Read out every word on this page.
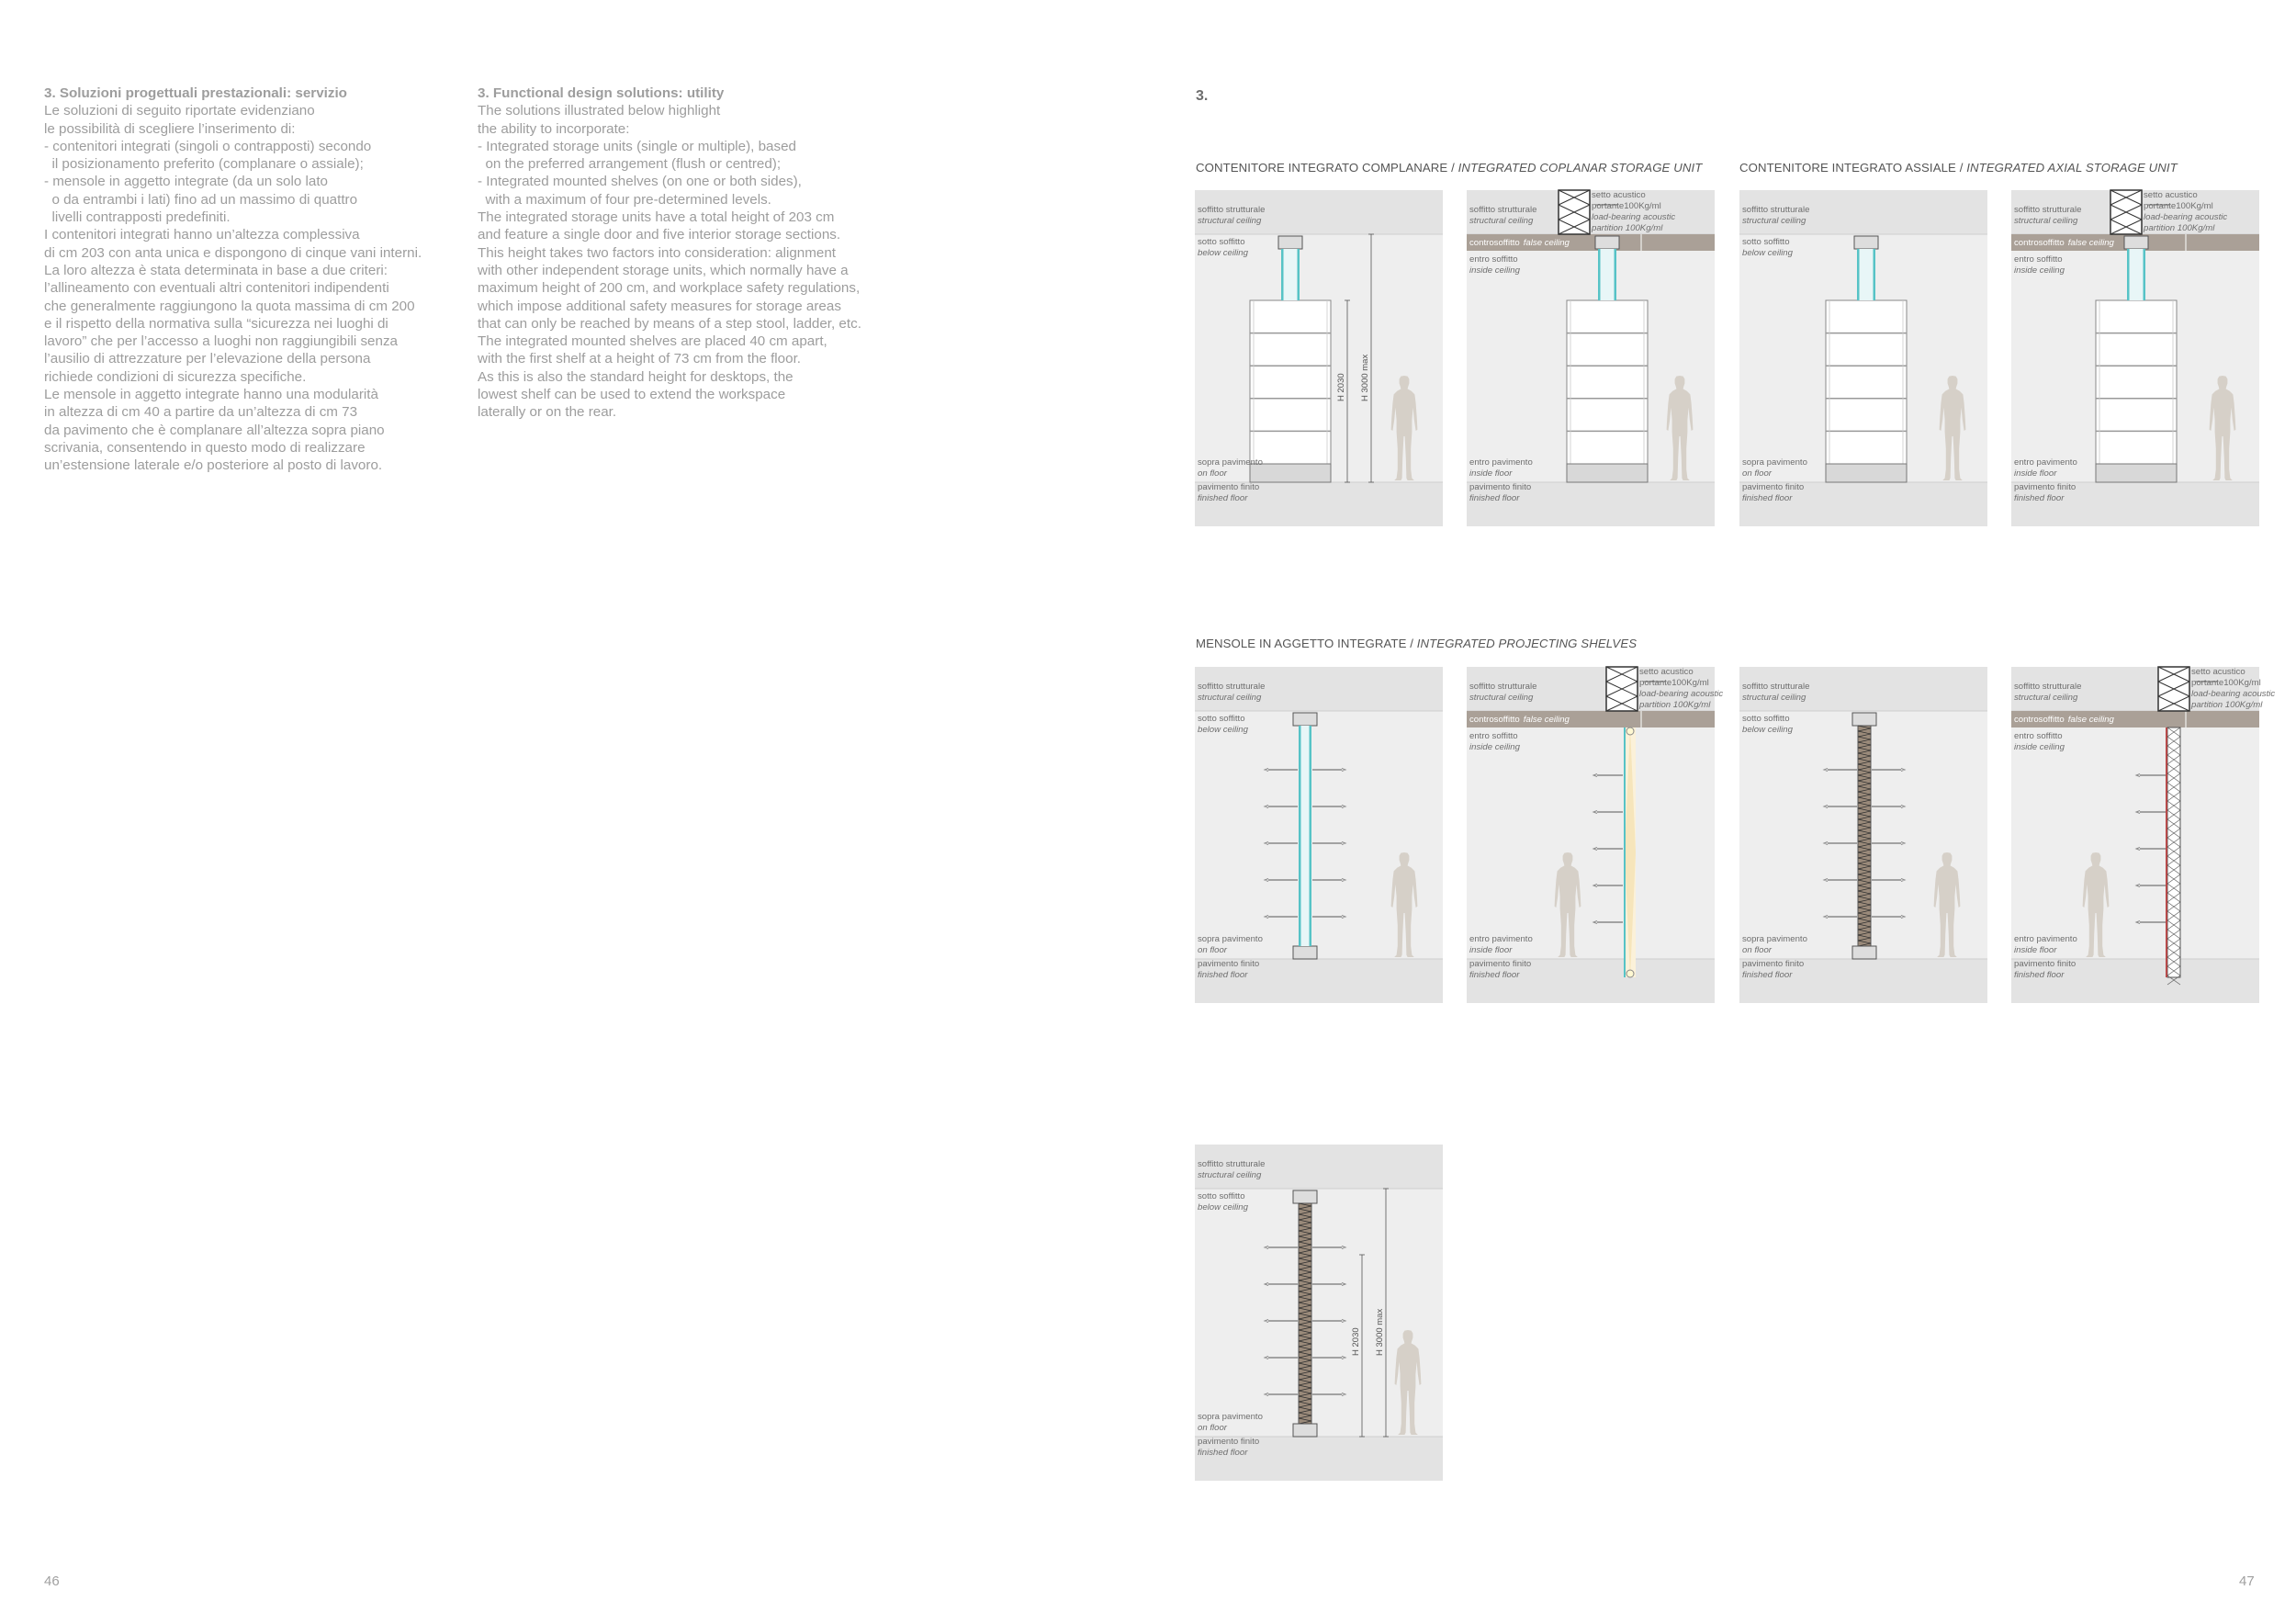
3. Soluzioni progettuali prestazionali: servizio
Le soluzioni di seguito riportate evidenziano
le possibilità di scegliere l’inserimento di:
- contenitori integrati (singoli o contrapposti) secondo
il posizionamento preferito (complanare o assiale);
- mensole in aggetto integrate (da un solo lato
o da entrambi i lati) fino ad un massimo di quattro
livelli contrapposti predefiniti.
I contenitori integrati hanno un’altezza complessiva
di cm 203 con anta unica e dispongono di cinque vani interni.
La loro altezza è stata determinata in base a due criteri:
l’allineamento con eventuali altri contenitori indipendenti
che generalmente raggiungono la quota massima di cm 200
e il rispetto della normativa sulla “sicurezza nei luoghi di
lavoro” che per l’accesso a luoghi non raggiungibili senza
l’ausilio di attrezzature per l’elevazione della persona
richiede condizioni di sicurezza specifiche.
Le mensole in aggetto integrate hanno una modularità
in altezza di cm 40 a partire da un’altezza di cm 73
da pavimento che è complanare all’altezza sopra piano
scrivania, consentendo in questo modo di realizzare
un’estensione laterale e/o posteriore al posto di lavoro.
3. Functional design solutions: utility
The solutions illustrated below highlight
the ability to incorporate:
- Integrated storage units (single or multiple), based
on the preferred arrangement (flush or centred);
- Integrated mounted shelves (on one or both sides),
with a maximum of four pre-determined levels.
The integrated storage units have a total height of 203 cm
and feature a single door and five interior storage sections.
This height takes two factors into consideration: alignment
with other independent storage units, which normally have a
maximum height of 200 cm, and workplace safety regulations,
which impose additional safety measures for storage areas
that can only be reached by means of a step stool, ladder, etc.
The integrated mounted shelves are placed 40 cm apart,
with the first shelf at a height of 73 cm from the floor.
As this is also the standard height for desktops, the
lowest shelf can be used to extend the workspace
laterally or on the rear.
46
3.
47
CONTENITORE INTEGRATO COMPLANARE / INTEGRATED COPLANAR STORAGE UNIT	CONTENITORE INTEGRATO ASSIALE / INTEGRATED AXIAL STORAGE UNIT
MENSOLE IN AGGETTO INTEGRATE / INTEGRATED PROJECTING SHELVES
H 2030 H 3000 max
soffitto strutturale
structural ceiling
sotto soffitto
below ceiling
sopra pavimento
on floor
pavimento finito
finished floor
soffitto strutturale
structural ceiling
controsoffitto false ceiling
entro soffitto
inside ceiling
entro pavimento
inside floor
pavimento finito
finished floor
setto acustico
portante100Kg/ml
load-bearing acoustic
partition 100Kg/ml
soffitto strutturale
structural ceiling
sotto soffitto
below ceiling
sopra pavimento
on floor
pavimento finito
finished floor
soffitto strutturale
structural ceiling
controsoffitto false ceiling
entro soffitto
inside ceiling
entro pavimento
inside floor
pavimento finito
finished floor
setto acustico
portante100Kg/ml
load-bearing acoustic
partition 100Kg/ml
soffitto strutturale
structural ceiling
sotto soffitto
below ceiling
sopra pavimento
on floor
pavimento finito
finished floor
soffitto strutturale
structural ceiling
controsoffitto false ceiling
entro soffitto
inside ceiling
entro pavimento
inside floor
pavimento finito
finished floor
setto acustico
portante100Kg/ml
load-bearing acoustic
partition 100Kg/ml
soffitto strutturale
structural ceiling
sotto soffitto
below ceiling
sopra pavimento
on floor
pavimento finito
finished floor
soffitto strutturale
structural ceiling
controsoffitto false ceiling
entro soffitto
inside ceiling
entro pavimento
inside floor
pavimento finito
finished floor
setto acustico
portante100Kg/ml
load-bearing acoustic
partition 100Kg/ml
H 2030 H 3000 max
soffitto strutturale
structural ceiling
sotto soffitto
below ceiling
sopra pavimento
on floor
pavimento finito
finished floor
